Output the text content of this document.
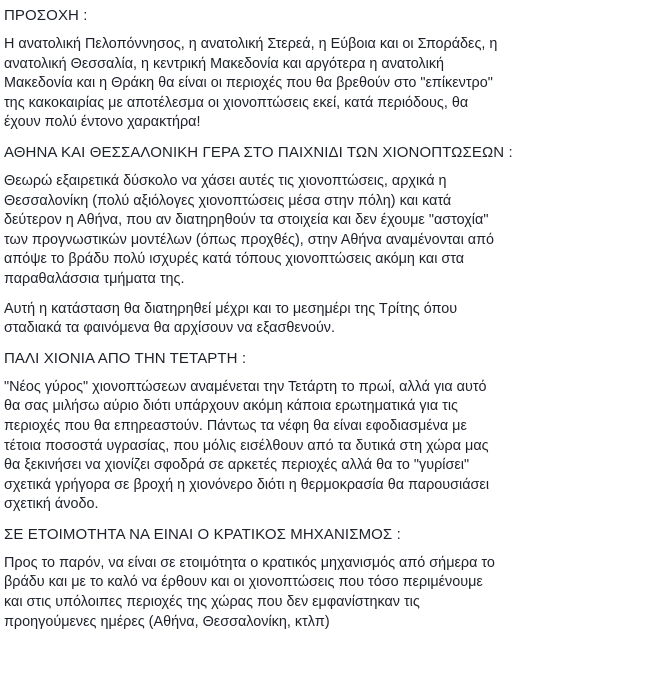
ΠΡΟΣΟΧΗ :
Η ανατολική Πελοπόννησος, η ανατολική Στερεά, η Εύβοια και οι Σποράδες, η
ανατολική Θεσσαλία, η κεντρική Μακεδονία και αργότερα η ανατολική
Μακεδονία και η Θράκη θα είναι οι περιοχές που θα βρεθούν στο "επίκεντρο"
της κακοκαιρίας με αποτέλεσμα οι χιονοπτώσεις εκεί, κατά περιόδους, θα
έχουν πολύ έντονο χαρακτήρα!
ΑΘΗΝΑ ΚΑΙ ΘΕΣΣΑΛΟΝΙΚΗ ΓΕΡΑ ΣΤΟ ΠΑΙΧΝΙΔΙ ΤΩΝ ΧΙΟΝΟΠΤΩΣΕΩΝ :
Θεωρώ εξαιρετικά δύσκολο να χάσει αυτές τις χιονοπτώσεις, αρχικά η
Θεσσαλονίκη (πολύ αξιόλογες χιονοπτώσεις μέσα στην πόλη) και κατά
δεύτερον η Αθήνα, που αν διατηρηθούν τα στοιχεία και δεν έχουμε "αστοχία"
των προγνωστικών μοντέλων (όπως προχθές), στην Αθήνα αναμένονται από
απόψε το βράδυ πολύ ισχυρές κατά τόπους χιονοπτώσεις ακόμη και στα
παραθαλάσσια τμήματα της.
Αυτή η κατάσταση θα διατηρηθεί μέχρι και το μεσημέρι της Τρίτης όπου
σταδιακά τα φαινόμενα θα αρχίσουν να εξασθενούν.
ΠΑΛΙ ΧΙΟΝΙΑ ΑΠΟ ΤΗΝ ΤΕΤΑΡΤΗ :
"Νέος γύρος" χιονοπτώσεων αναμένεται την Τετάρτη το πρωί, αλλά για αυτό
θα σας μιλήσω αύριο διότι υπάρχουν ακόμη κάποια ερωτηματικά για τις
περιοχές που θα επηρεαστούν. Πάντως τα νέφη θα είναι εφοδιασμένα με
τέτοια ποσοστά υγρασίας, που μόλις εισέλθουν από τα δυτικά στη χώρα μας
θα ξεκινήσει να χιονίζει σφοδρά σε αρκετές περιοχές αλλά θα το "γυρίσει"
σχετικά γρήγορα σε βροχή η χιονόνερο διότι η θερμοκρασία θα παρουσιάσει
σχετική άνοδο.
ΣΕ ΕΤΟΙΜΟΤΗΤΑ ΝΑ ΕΙΝΑΙ Ο ΚΡΑΤΙΚΟΣ ΜΗΧΑΝΙΣΜΟΣ :
Προς το παρόν, να είναι σε ετοιμότητα ο κρατικός μηχανισμός από σήμερα το
βράδυ και με το καλό να έρθουν και οι χιονοπτώσεις που τόσο περιμένουμε
και στις υπόλοιπες περιοχές της χώρας που δεν εμφανίστηκαν τις
προηγούμενες ημέρες (Αθήνα, Θεσσαλονίκη, κτλπ)
